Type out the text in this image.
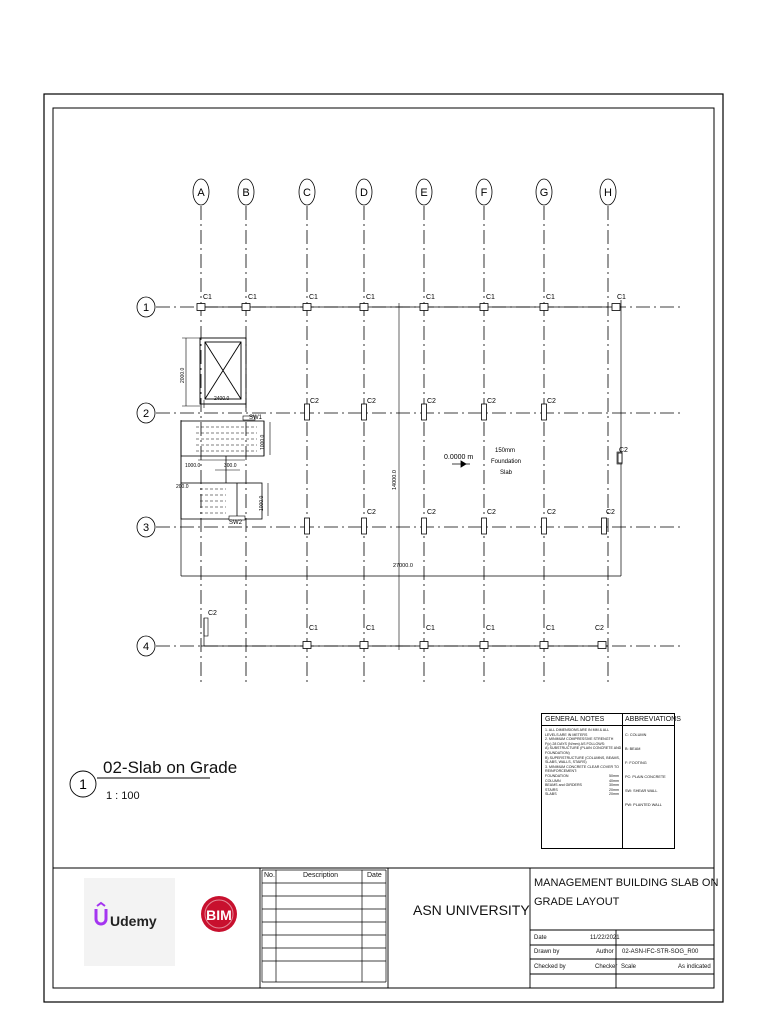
A	B	C	D	E	F	G	H
1
2
3
4
C1	C1	C1	C1	C1	C1	C1	C1
C2	C2	C2	C2	C2
C2
C2	C2	C2	C2	C2
C1	C1	C1	C1	C1	C2
C2
SW1
SW2
2400.0
2000.0
1000.0
1000.0	300.0
1000.0
200.0	14000.0
27000.0
0.0000 m
150mm
Foundation
Slab
1
Udemy	BIM
02-Slab on Grade
1 : 100
GENERAL NOTES
1. ALL DIMENSIONS ARE IN MM & ALL
LEVELS ARE IN METERS
2. MINIMUM COMPRESSIVE STRENGTH
F(c) 28 DAYS (N/mm) AS FOLLOWS:
A) SUBSTRUCTURE (PLAIN CONCRETE AND
FOUNDATION)
B) SUPERSTRUCTURE (COLUMNS, BEAMS,
SLABS, WALLS, STAIRS)
3. MINIMUM CONCRETE CLEAR COVER TO
REINFORCEMENT:
FOUNDATION	50mm
COLUMN	40mm
BEAMS and GIRDERS	30mm
STAIRS	20mm
SLABS	20mm
ABBREVIATIONS
C: COLUMN
B: BEAM
F: FOOTING
PC: PLAIN CONCRETE
SW: SHEAR WALL
PW: PLANTED WALL
No.	Description	Date
ASN UNIVERSITY
MANAGEMENT BUILDING SLAB ON
GRADE LAYOUT
Date	11/22/2021
Drawn by	Author
Checked by	Checker
02-ASN-IFC-STR-SOG_R00
Scale	As indicated
